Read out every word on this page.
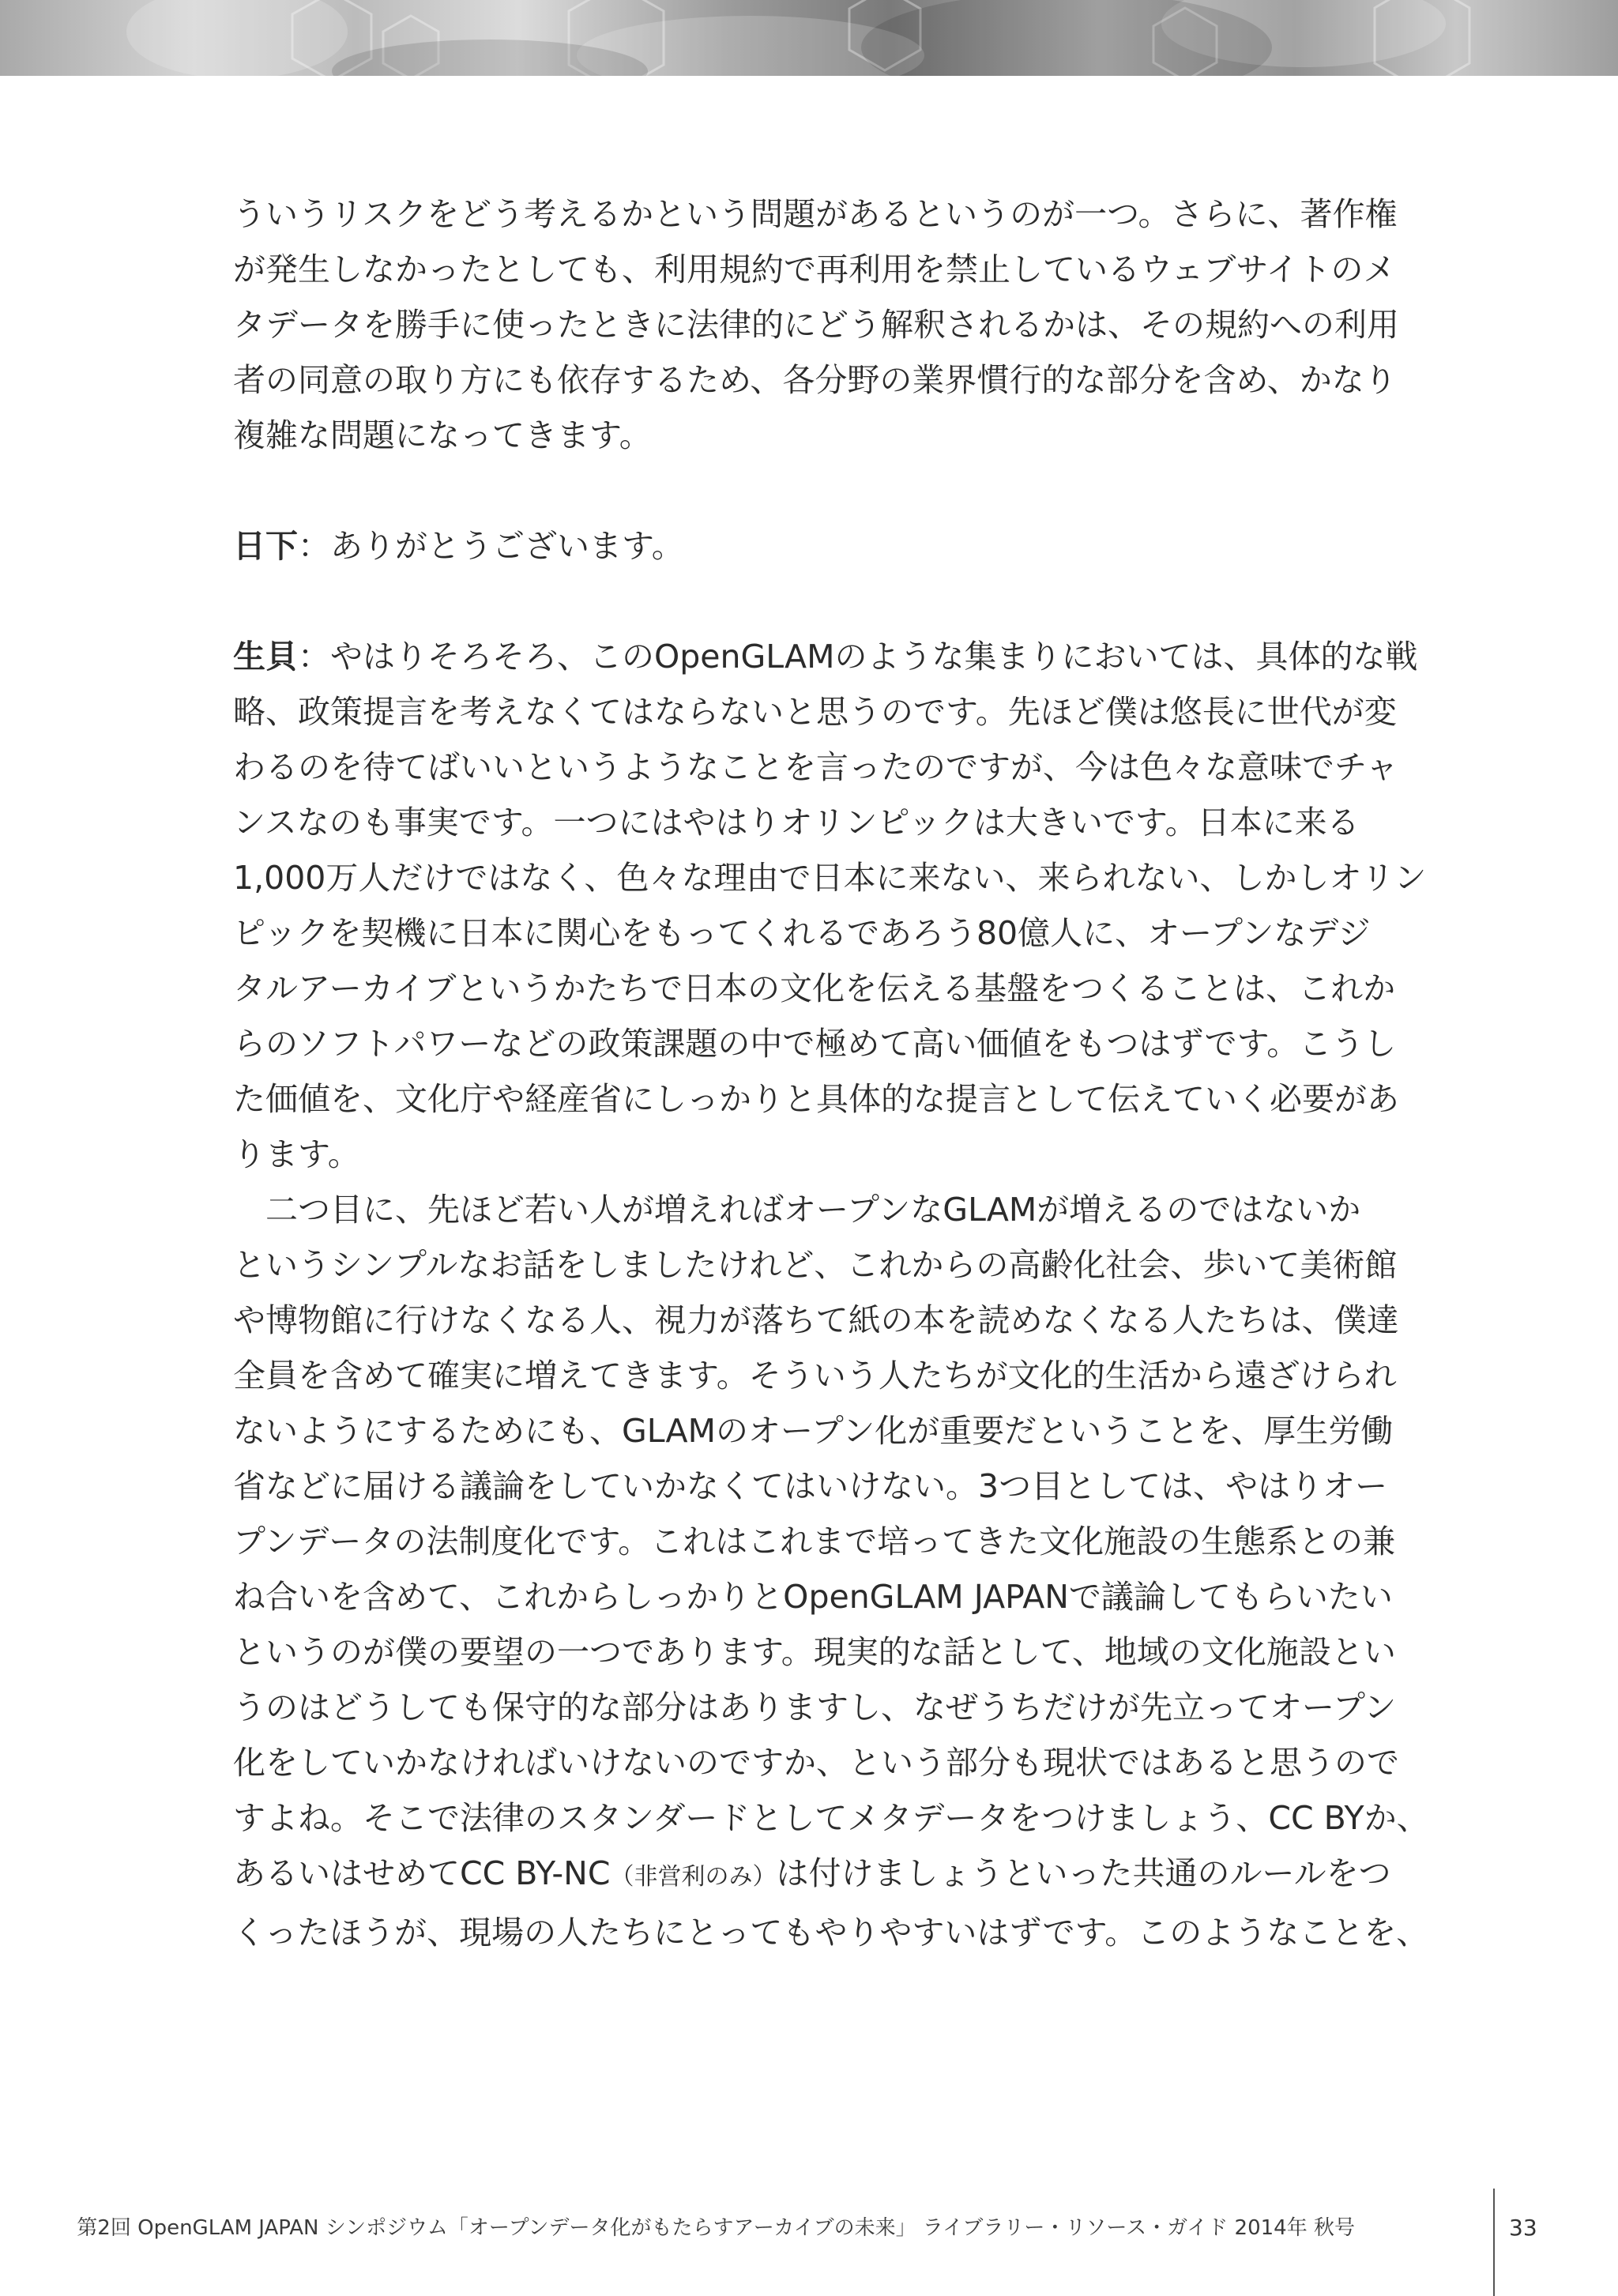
ういうリスクをどう考えるかという問題があるというのが一つ。さらに、著作権
が発生しなかったとしても、利用規約で再利用を禁止しているウェブサイトのメ
タデータを勝手に使ったときに法律的にどう解釈されるかは、その規約への利用
者の同意の取り方にも依存するため、各分野の業界慣行的な部分を含め、かなり
複雑な問題になってきます。
日下：ありがとうございます。
生貝：やはりそろそろ、このOpenGLAMのような集まりにおいては、具体的な戦
略、政策提言を考えなくてはならないと思うのです。先ほど僕は悠長に世代が変
わるのを待てばいいというようなことを言ったのですが、今は色々な意味でチャ
ンスなのも事実です。一つにはやはりオリンピックは大きいです。日本に来る
1,000万人だけではなく、色々な理由で日本に来ない、来られない、しかしオリン
ピックを契機に日本に関心をもってくれるであろう80億人に、オープンなデジ
タルアーカイブというかたちで日本の文化を伝える基盤をつくることは、これか
らのソフトパワーなどの政策課題の中で極めて高い価値をもつはずです。こうし
た価値を、文化庁や経産省にしっかりと具体的な提言として伝えていく必要があ
ります。
　二つ目に、先ほど若い人が増えればオープンなGLAMが増えるのではないか
というシンプルなお話をしましたけれど、これからの高齢化社会、歩いて美術館
や博物館に行けなくなる人、視力が落ちて紙の本を読めなくなる人たちは、僕達
全員を含めて確実に増えてきます。そういう人たちが文化的生活から遠ざけられ
ないようにするためにも、GLAMのオープン化が重要だということを、厚生労働
省などに届ける議論をしていかなくてはいけない。3つ目としては、やはりオー
プンデータの法制度化です。これはこれまで培ってきた文化施設の生態系との兼
ね合いを含めて、これからしっかりとOpenGLAM JAPANで議論してもらいたい
というのが僕の要望の一つであります。現実的な話として、地域の文化施設とい
うのはどうしても保守的な部分はありますし、なぜうちだけが先立ってオープン
化をしていかなければいけないのですか、という部分も現状ではあると思うので
すよね。そこで法律のスタンダードとしてメタデータをつけましょう、CC BYか、
あるいはせめてCC BY-NC（非営利のみ）は付けましょうといった共通のルールをつ
くったほうが、現場の人たちにとってもやりやすいはずです。このようなことを、
第2回 OpenGLAM JAPAN シンポジウム「オープンデータ化がもたらすアーカイブの未来」 ライブラリー・リソース・ガイド 2014年 秋号	33
